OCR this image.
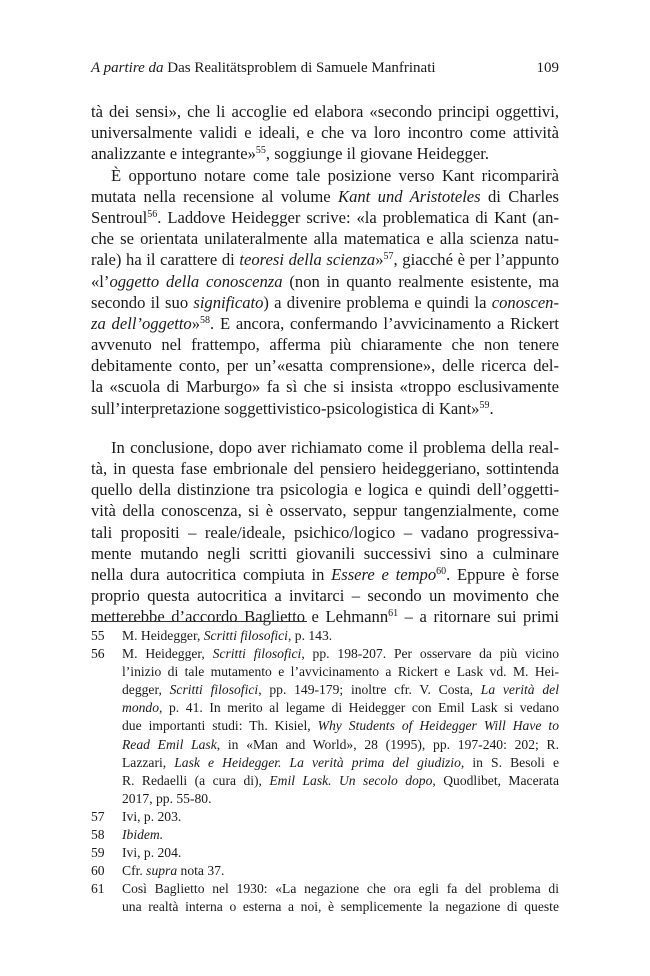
A partire da Das Realitätsproblem di Samuele Manfrinati	109
tà dei sensi», che li accoglie ed elabora «secondo principi oggettivi,
universalmente validi e ideali, e che va loro incontro come attività
analizzante e integrante»$^{55}$, soggiunge il giovane Heidegger.
È opportuno notare come tale posizione verso Kant ricomparirà
mutata nella recensione al volume Kant und Aristoteles di Charles
Sentroul$^{56}$. Laddove Heidegger scrive: «la problematica di Kant (an-
che se orientata unilateralmente alla matematica e alla scienza natu-
rale) ha il carattere di teoresi della scienza»$^{57}$, giacché è per l’appunto
«l’oggetto della conoscenza (non in quanto realmente esistente, ma
secondo il suo significato) a divenire problema e quindi la conoscen-
za dell’oggetto»$^{58}$. E ancora, confermando l’avvicinamento a Rickert
avvenuto nel frattempo, afferma più chiaramente che non tenere
debitamente conto, per un’«esatta comprensione», delle ricerca del-
la «scuola di Marburgo» fa sì che si insista «troppo esclusivamente
sull’interpretazione soggettivistico-psicologistica di Kant»$^{59}$.
In conclusione, dopo aver richiamato come il problema della real-
tà, in questa fase embrionale del pensiero heideggeriano, sottintenda
quello della distinzione tra psicologia e logica e quindi dell’oggetti-
vità della conoscenza, si è osservato, seppur tangenzialmente, come
tali propositi – reale/ideale, psichico/logico – vadano progressiva-
mente mutando negli scritti giovanili successivi sino a culminare
nella dura autocritica compiuta in Essere e tempo$^{60}$. Eppure è forse
proprio questa autocritica a invitarci – secondo un movimento che
metterebbe d’accordo Baglietto e Lehmann$^{61}$ – a ritornare sui primi
55	M. Heidegger, Scritti filosofici, p. 143.
56	M. Heidegger, Scritti filosofici, pp. 198-207. Per osservare da più vicino
l’inizio di tale mutamento e l’avvicinamento a Rickert e Lask vd. M. Hei-
degger, Scritti filosofici, pp. 149-179; inoltre cfr. V. Costa, La verità del
mondo, p. 41. In merito al legame di Heidegger con Emil Lask si vedano
due importanti studi: Th. Kisiel, Why Students of Heidegger Will Have to
Read Emil Lask, in «Man and World», 28 (1995), pp. 197-240: 202; R.
Lazzari, Lask e Heidegger. La verità prima del giudizio, in S. Besoli e
R. Redaelli (a cura di), Emil Lask. Un secolo dopo, Quodlibet, Macerata
2017, pp. 55-80.
57	Ivi, p. 203.
58	Ibidem.
59	Ivi, p. 204.
60	Cfr. supra nota 37.
61	Così Baglietto nel 1930: «La negazione che ora egli fa del problema di
una realtà interna o esterna a noi, è semplicemente la negazione di queste
